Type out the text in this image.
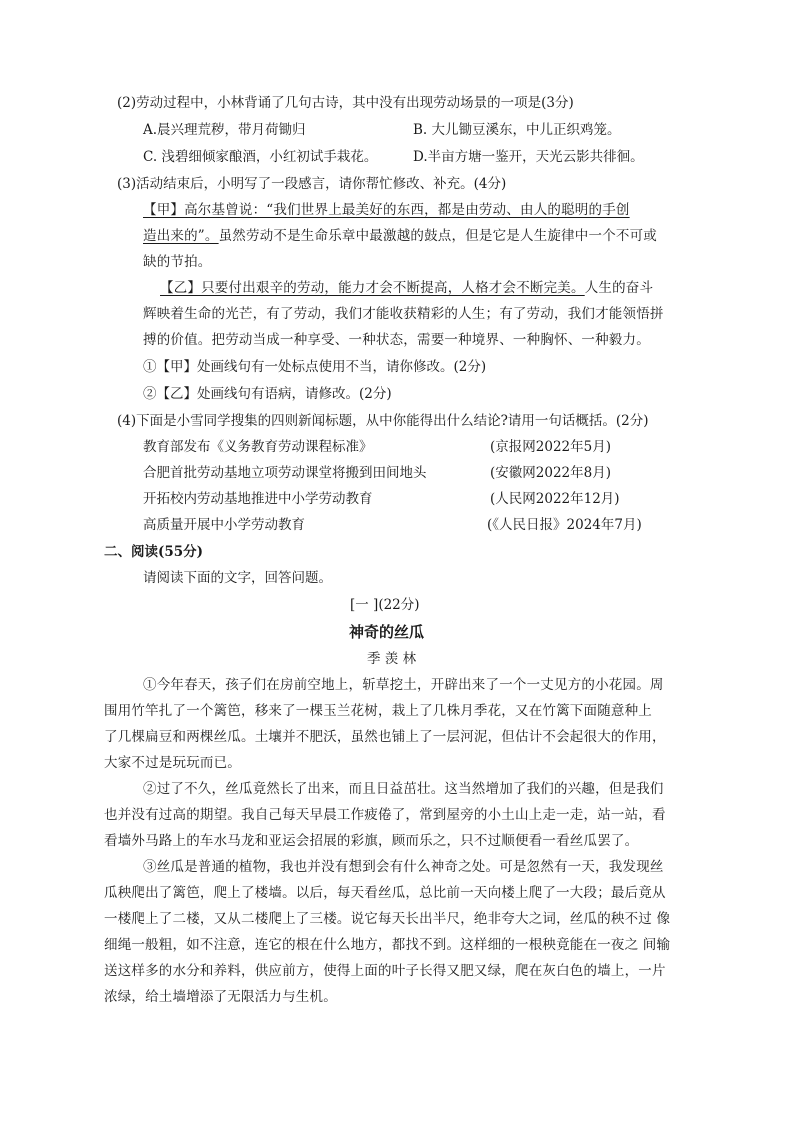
(2)劳动过程中，小林背诵了几句古诗，其中没有出现劳动场景的一项是(3分)
A.晨兴理荒秽，带月荷锄归	B. 大儿锄豆溪东，中儿正织鸡笼。
C. 浅碧细倾家酿酒，小红初试手栽花。	D.半亩方塘一鉴开，天光云影共徘徊。
(3)活动结束后，小明写了一段感言，请你帮忙修改、补充。(4分)
【甲】高尔基曾说：“我们世界上最美好的东西，都是由劳动、由人的聪明的手创
造出来的”。虽然劳动不是生命乐章中最激越的鼓点，但是它是人生旋律中一个不可或
缺的节拍。
【乙】只要付出艰辛的劳动，能力才会不断提高，人格才会不断完美。人生的奋斗
辉映着生命的光芒，有了劳动，我们才能收获精彩的人生；有了劳动，我们才能领悟拼
搏的价值。把劳动当成一种享受、一种状态，需要一种境界、一种胸怀、一种毅力。
①【甲】处画线句有一处标点使用不当，请你修改。(2分)
②【乙】处画线句有语病，请修改。(2分)
(4)下面是小雪同学搜集的四则新闻标题，从中你能得出什么结论?请用一句话概括。(2分)
教育部发布《义务教育劳动课程标准》	(京报网2022年5月)
合肥首批劳动基地立项劳动课堂将搬到田间地头	(安徽网2022年8月)
开拓校内劳动基地推进中小学劳动教育	(人民网2022年12月)
高质量开展中小学劳动教育	(《人民日报》2024年7月)
二、阅读(55分)
请阅读下面的文字，回答问题。
[一 ](22分)
神奇的丝瓜
季 羡 林
①今年春天，孩子们在房前空地上，斩草挖土，开辟出来了一个一丈见方的小花园。周
围用竹竿扎了一个篱笆，移来了一棵玉兰花树，栽上了几株月季花，又在竹篱下面随意种上
了几棵扁豆和两棵丝瓜。土壤并不肥沃，虽然也铺上了一层河泥，但估计不会起很大的作用，
大家不过是玩玩而已。
②过了不久，丝瓜竟然长了出来，而且日益茁壮。这当然增加了我们的兴趣，但是我们
也并没有过高的期望。我自己每天早晨工作疲倦了，常到屋旁的小土山上走一走，站一站，看
看墙外马路上的车水马龙和亚运会招展的彩旗，顾而乐之，只不过顺便看一看丝瓜罢了。
③丝瓜是普通的植物，我也并没有想到会有什么神奇之处。可是忽然有一天，我发现丝
瓜秧爬出了篱笆，爬上了楼墙。以后，每天看丝瓜，总比前一天向楼上爬了一大段；最后竟从
一楼爬上了二楼，又从二楼爬上了三楼。说它每天长出半尺，绝非夸大之词，丝瓜的秧不过 像
细绳一般粗，如不注意，连它的根在什么地方，都找不到。这样细的一根秧竟能在一夜之 间输
送这样多的水分和养料，供应前方，使得上面的叶子长得又肥又绿，爬在灰白色的墙上，一片
浓绿，给土墙增添了无限活力与生机。
